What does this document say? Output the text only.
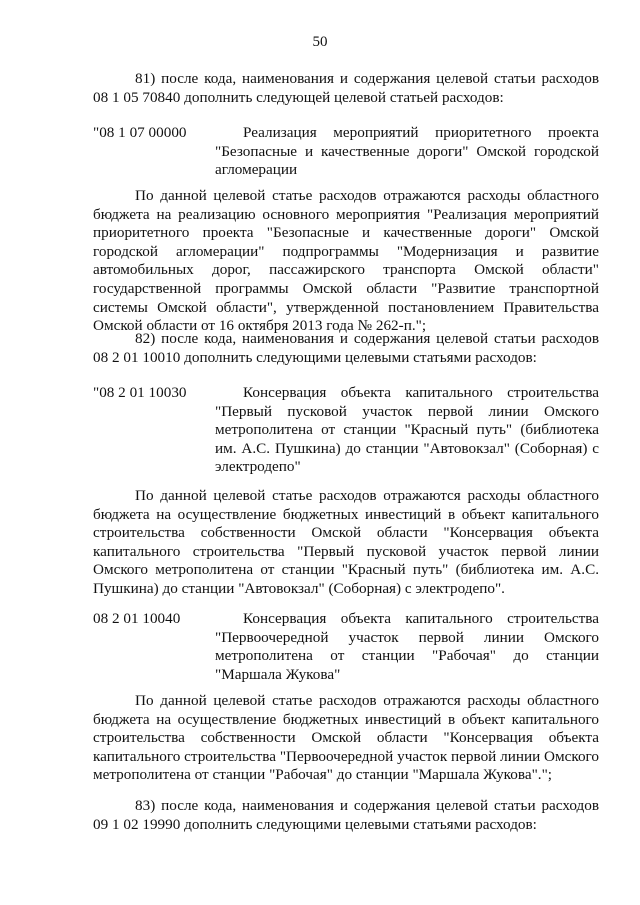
50

81) после кода, наименования и содержания целевой статьи расходов 08 1 05 70840 дополнить следующей целевой статьей расходов:

"08 1 07 00000	Реализация мероприятий приоритетного проекта "Безопасные и качественные дороги" Омской городской агломерации

По данной целевой статье расходов отражаются расходы областного бюджета на реализацию основного мероприятия "Реализация мероприятий приоритетного проекта "Безопасные и качественные дороги" Омской городской агломерации" подпрограммы "Модернизация и развитие автомобильных дорог, пассажирского транспорта Омской области" государственной программы Омской области "Развитие транспортной системы Омской области", утвержденной постановлением Правительства Омской области от 16 октября 2013 года № 262-п.";

82) после кода, наименования и содержания целевой статьи расходов 08 2 01 10010 дополнить следующими целевыми статьями расходов:

"08 2 01 10030	Консервация объекта капитального строительства "Первый пусковой участок первой линии Омского метрополитена от станции "Красный путь" (библиотека им. А.С. Пушкина) до станции "Автовокзал" (Соборная) с электродепо"

По данной целевой статье расходов отражаются расходы областного бюджета на осуществление бюджетных инвестиций в объект капитального строительства собственности Омской области "Консервация объекта капитального строительства "Первый пусковой участок первой линии Омского метрополитена от станции "Красный путь" (библиотека им. А.С. Пушкина) до станции "Автовокзал" (Соборная) с электродепо".

08 2 01 10040	Консервация объекта капитального строительства "Первоочередной участок первой линии Омского метрополитена от станции "Рабочая" до станции "Маршала Жукова"

По данной целевой статье расходов отражаются расходы областного бюджета на осуществление бюджетных инвестиций в объект капитального строительства собственности Омской области "Консервация объекта капитального строительства "Первоочередной участок первой линии Омского метрополитена от станции "Рабочая" до станции "Маршала Жукова".";

83) после кода, наименования и содержания целевой статьи расходов 09 1 02 19990 дополнить следующими целевыми статьями расходов:
